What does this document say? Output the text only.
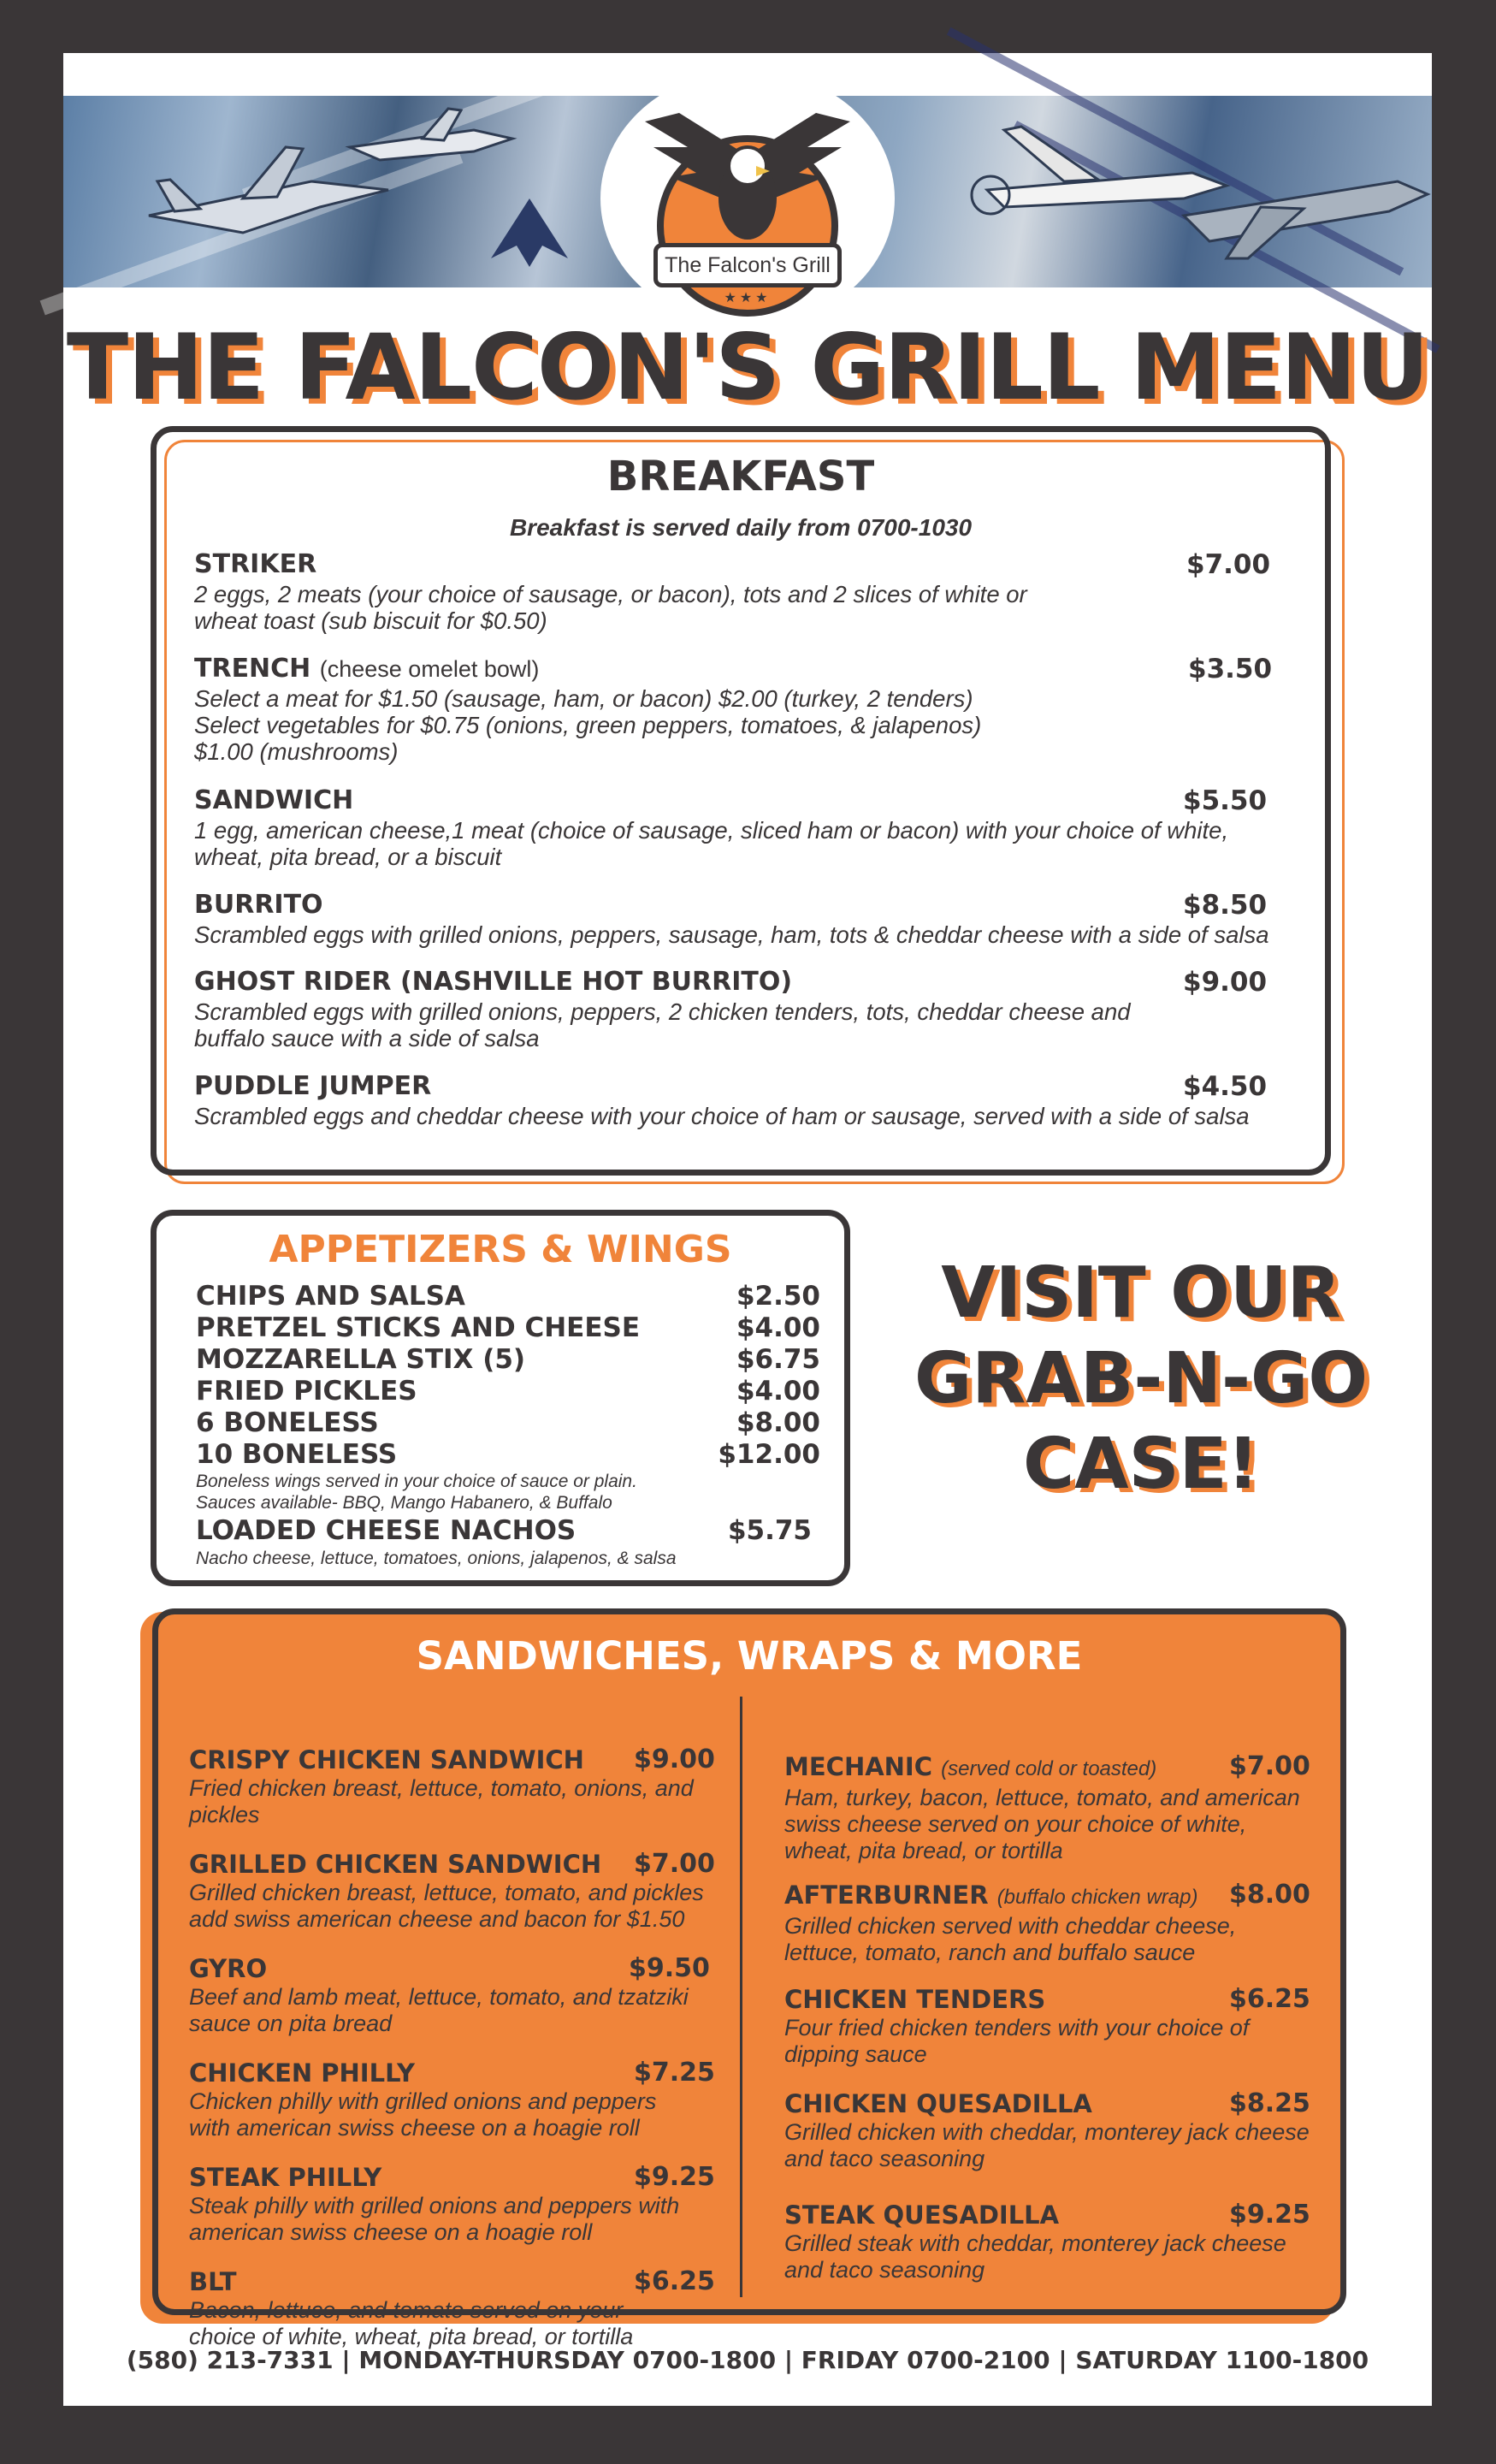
The Falcon's Grill
★★★
THE FALCON'S GRILL MENU
BREAKFAST
Breakfast is served daily from 0700-1030
STRIKER	$7.00
2 eggs, 2 meats (your choice of sausage, or bacon), tots and 2 slices of white or
wheat toast (sub biscuit for $0.50)
TRENCH (cheese omelet bowl)	$3.50
Select a meat for $1.50 (sausage, ham, or bacon) $2.00 (turkey, 2 tenders)
Select vegetables for $0.75 (onions, green peppers, tomatoes, & jalapenos)
$1.00 (mushrooms)
SANDWICH	$5.50
1 egg, american cheese,1 meat (choice of sausage, sliced ham or bacon) with your choice of white,
wheat, pita bread, or a biscuit
BURRITO	$8.50
Scrambled eggs with grilled onions, peppers, sausage, ham, tots & cheddar cheese with a side of salsa
GHOST RIDER (NASHVILLE HOT BURRITO)	$9.00
Scrambled eggs with grilled onions, peppers, 2 chicken tenders, tots, cheddar cheese and
buffalo sauce with a side of salsa
PUDDLE JUMPER	$4.50
Scrambled eggs and cheddar cheese with your choice of ham or sausage, served with a side of salsa
APPETIZERS & WINGS
CHIPS AND SALSA	$2.50
PRETZEL STICKS AND CHEESE	$4.00
MOZZARELLA STIX (5)	$6.75
FRIED PICKLES	$4.00
6 BONELESS	$8.00
10 BONELESS	$12.00
Boneless wings served in your choice of sauce or plain.
Sauces available- BBQ, Mango Habanero, & Buffalo
LOADED CHEESE NACHOS	$5.75
Nacho cheese, lettuce, tomatoes, onions, jalapenos, & salsa
VISIT OUR
GRAB-N-GO
CASE!
SANDWICHES, WRAPS & MORE
CRISPY CHICKEN SANDWICH	$9.00
Fried chicken breast, lettuce, tomato, onions, and
pickles
GRILLED CHICKEN SANDWICH	$7.00
Grilled chicken breast, lettuce, tomato, and pickles
add swiss american cheese and bacon for $1.50
GYRO	$9.50
Beef and lamb meat, lettuce, tomato, and tzatziki
sauce on pita bread
CHICKEN PHILLY	$7.25
Chicken philly with grilled onions and peppers
with american swiss cheese on a hoagie roll
STEAK PHILLY	$9.25
Steak philly with grilled onions and peppers with
american swiss cheese on a hoagie roll
BLT	$6.25
Bacon, lettuce, and tomato served on your
choice of white, wheat, pita bread, or tortilla
MECHANIC (served cold or toasted)	$7.00
Ham, turkey, bacon, lettuce, tomato, and american
swiss cheese served on your choice of white,
wheat, pita bread, or tortilla
AFTERBURNER (buffalo chicken wrap)	$8.00
Grilled chicken served with cheddar cheese,
lettuce, tomato, ranch and buffalo sauce
CHICKEN TENDERS	$6.25
Four fried chicken tenders with your choice of
dipping sauce
CHICKEN QUESADILLA	$8.25
Grilled chicken with cheddar, monterey jack cheese
and taco seasoning
STEAK QUESADILLA	$9.25
Grilled steak with cheddar, monterey jack cheese
and taco seasoning
(580) 213-7331 | MONDAY-THURSDAY 0700-1800 | FRIDAY 0700-2100 | SATURDAY 1100-1800
